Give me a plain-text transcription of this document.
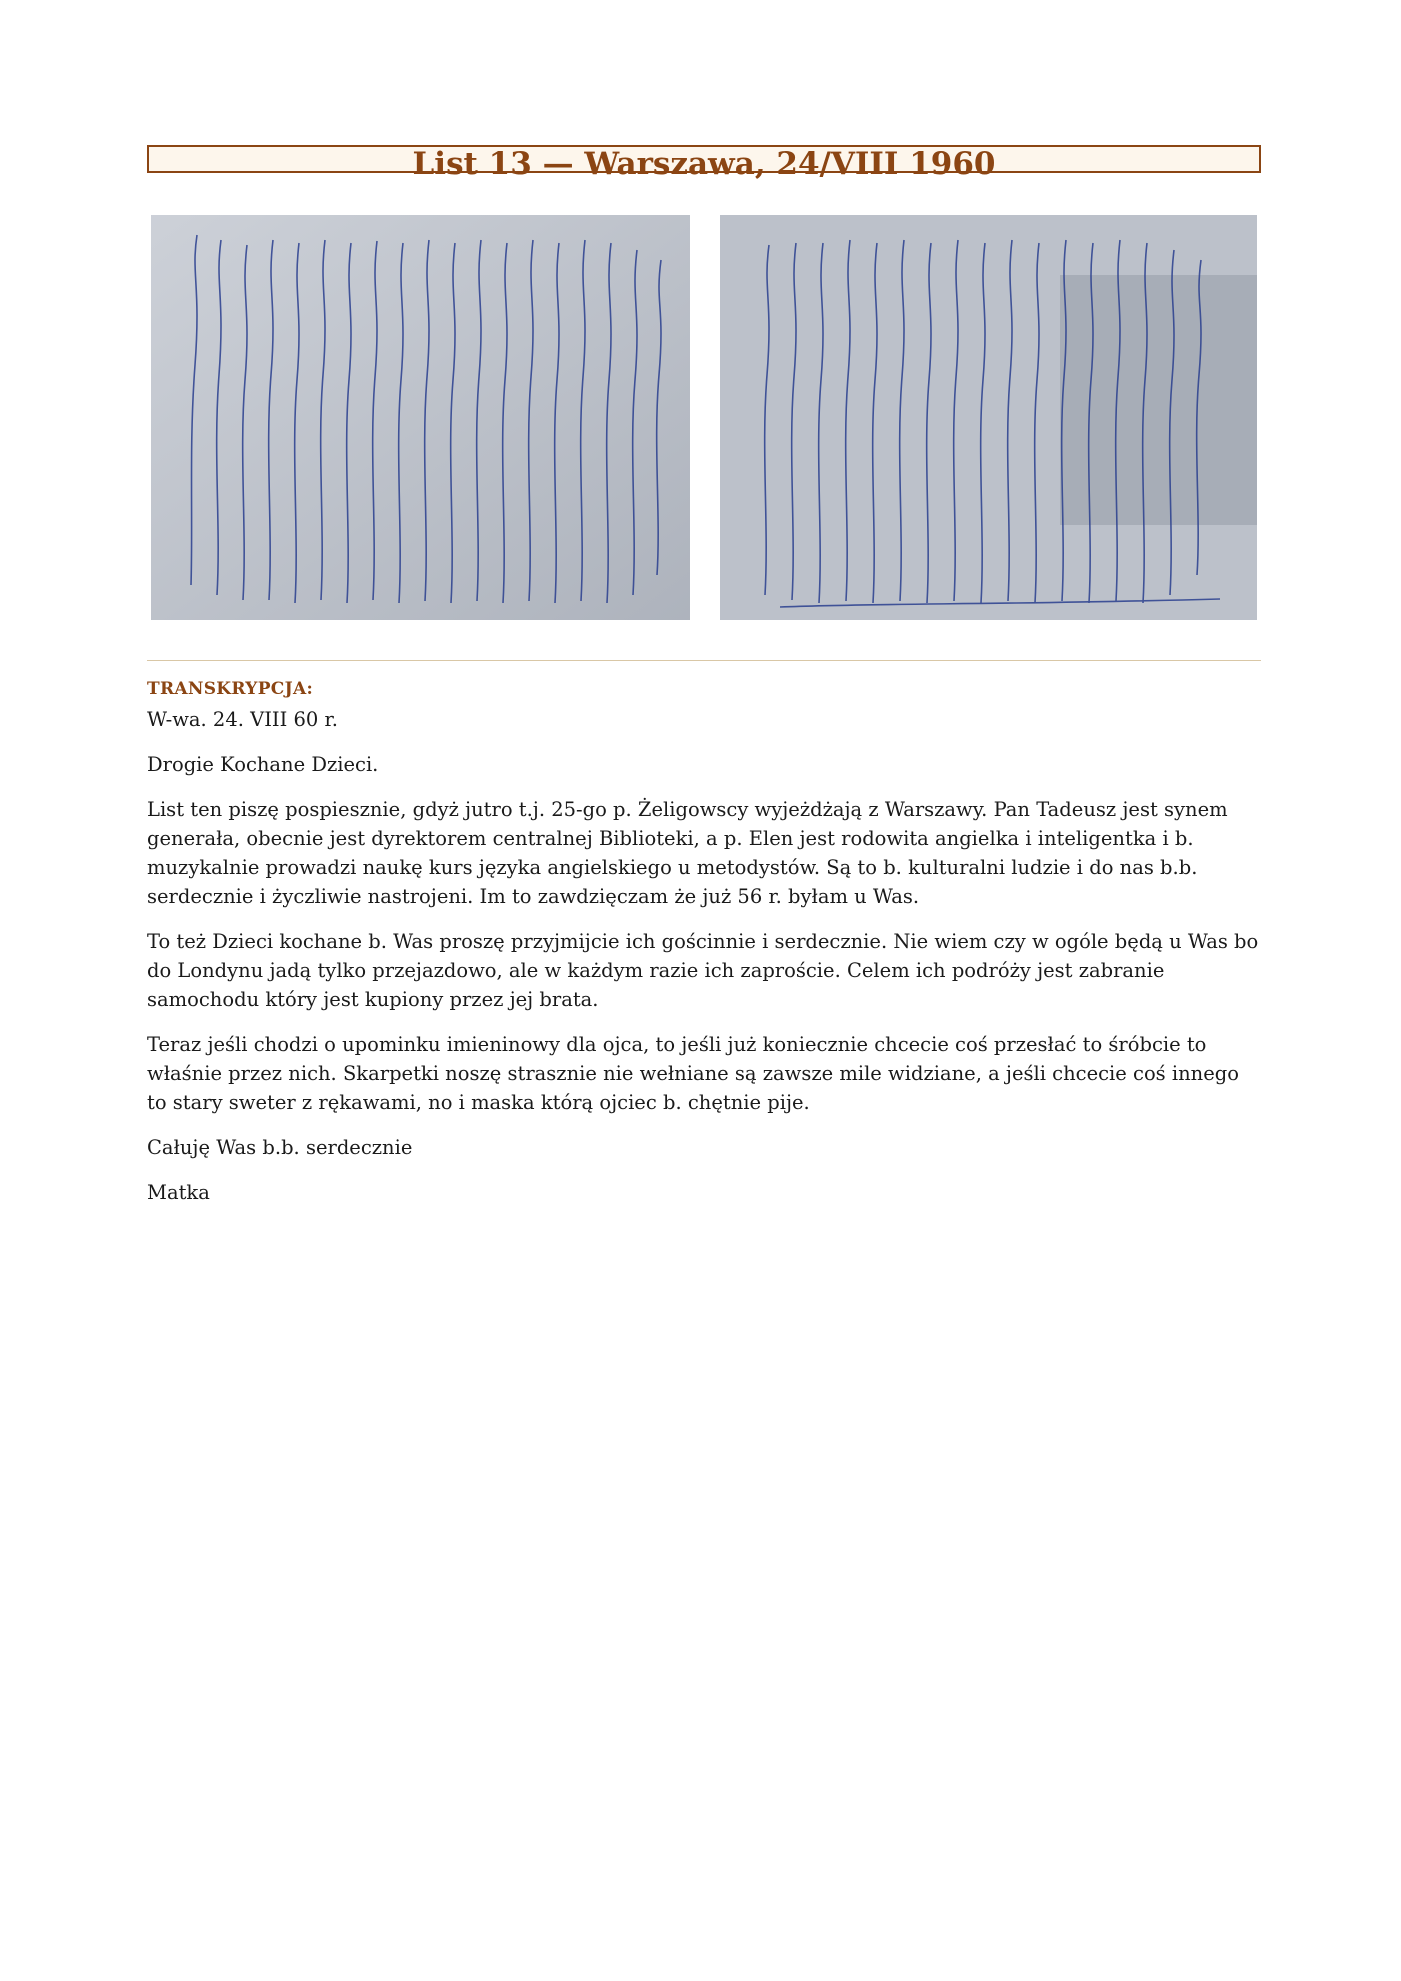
List 13 — Warszawa, 24/VIII 1960
TRANSKRYPCJA:

W-wa. 24. VIII 60 r.

Drogie Kochane Dzieci.

List ten piszę pospiesznie, gdyż jutro t.j. 25-go p. Żeligowscy wyjeżdżają z Warszawy. Pan Tadeusz jest synem generała, obecnie jest dyrektorem centralnej Biblioteki, a p. Elen jest rodowita angielka i inteligentka i b. muzykalnie prowadzi naukę kurs języka angielskiego u metodystów. Są to b. kulturalni ludzie i do nas b.b. serdecznie i życzliwie nastrojeni. Im to zawdzięczam że już 56 r. byłam u Was.

To też Dzieci kochane b. Was proszę przyjmijcie ich gościnnie i serdecznie. Nie wiem czy w ogóle będą u Was bo do Londynu jadą tylko przejazdowo, ale w każdym razie ich zaproście. Celem ich podróży jest zabranie samochodu który jest kupiony przez jej brata.

Teraz jeśli chodzi o upominku imieninowy dla ojca, to jeśli już koniecznie chcecie coś przesłać to śróbcie to właśnie przez nich. Skarpetki noszę strasznie nie wełniane są zawsze mile widziane, a jeśli chcecie coś innego to stary sweter z rękawami, no i maska którą ojciec b. chętnie pije.

Całuję Was b.b. serdecznie

Matka
